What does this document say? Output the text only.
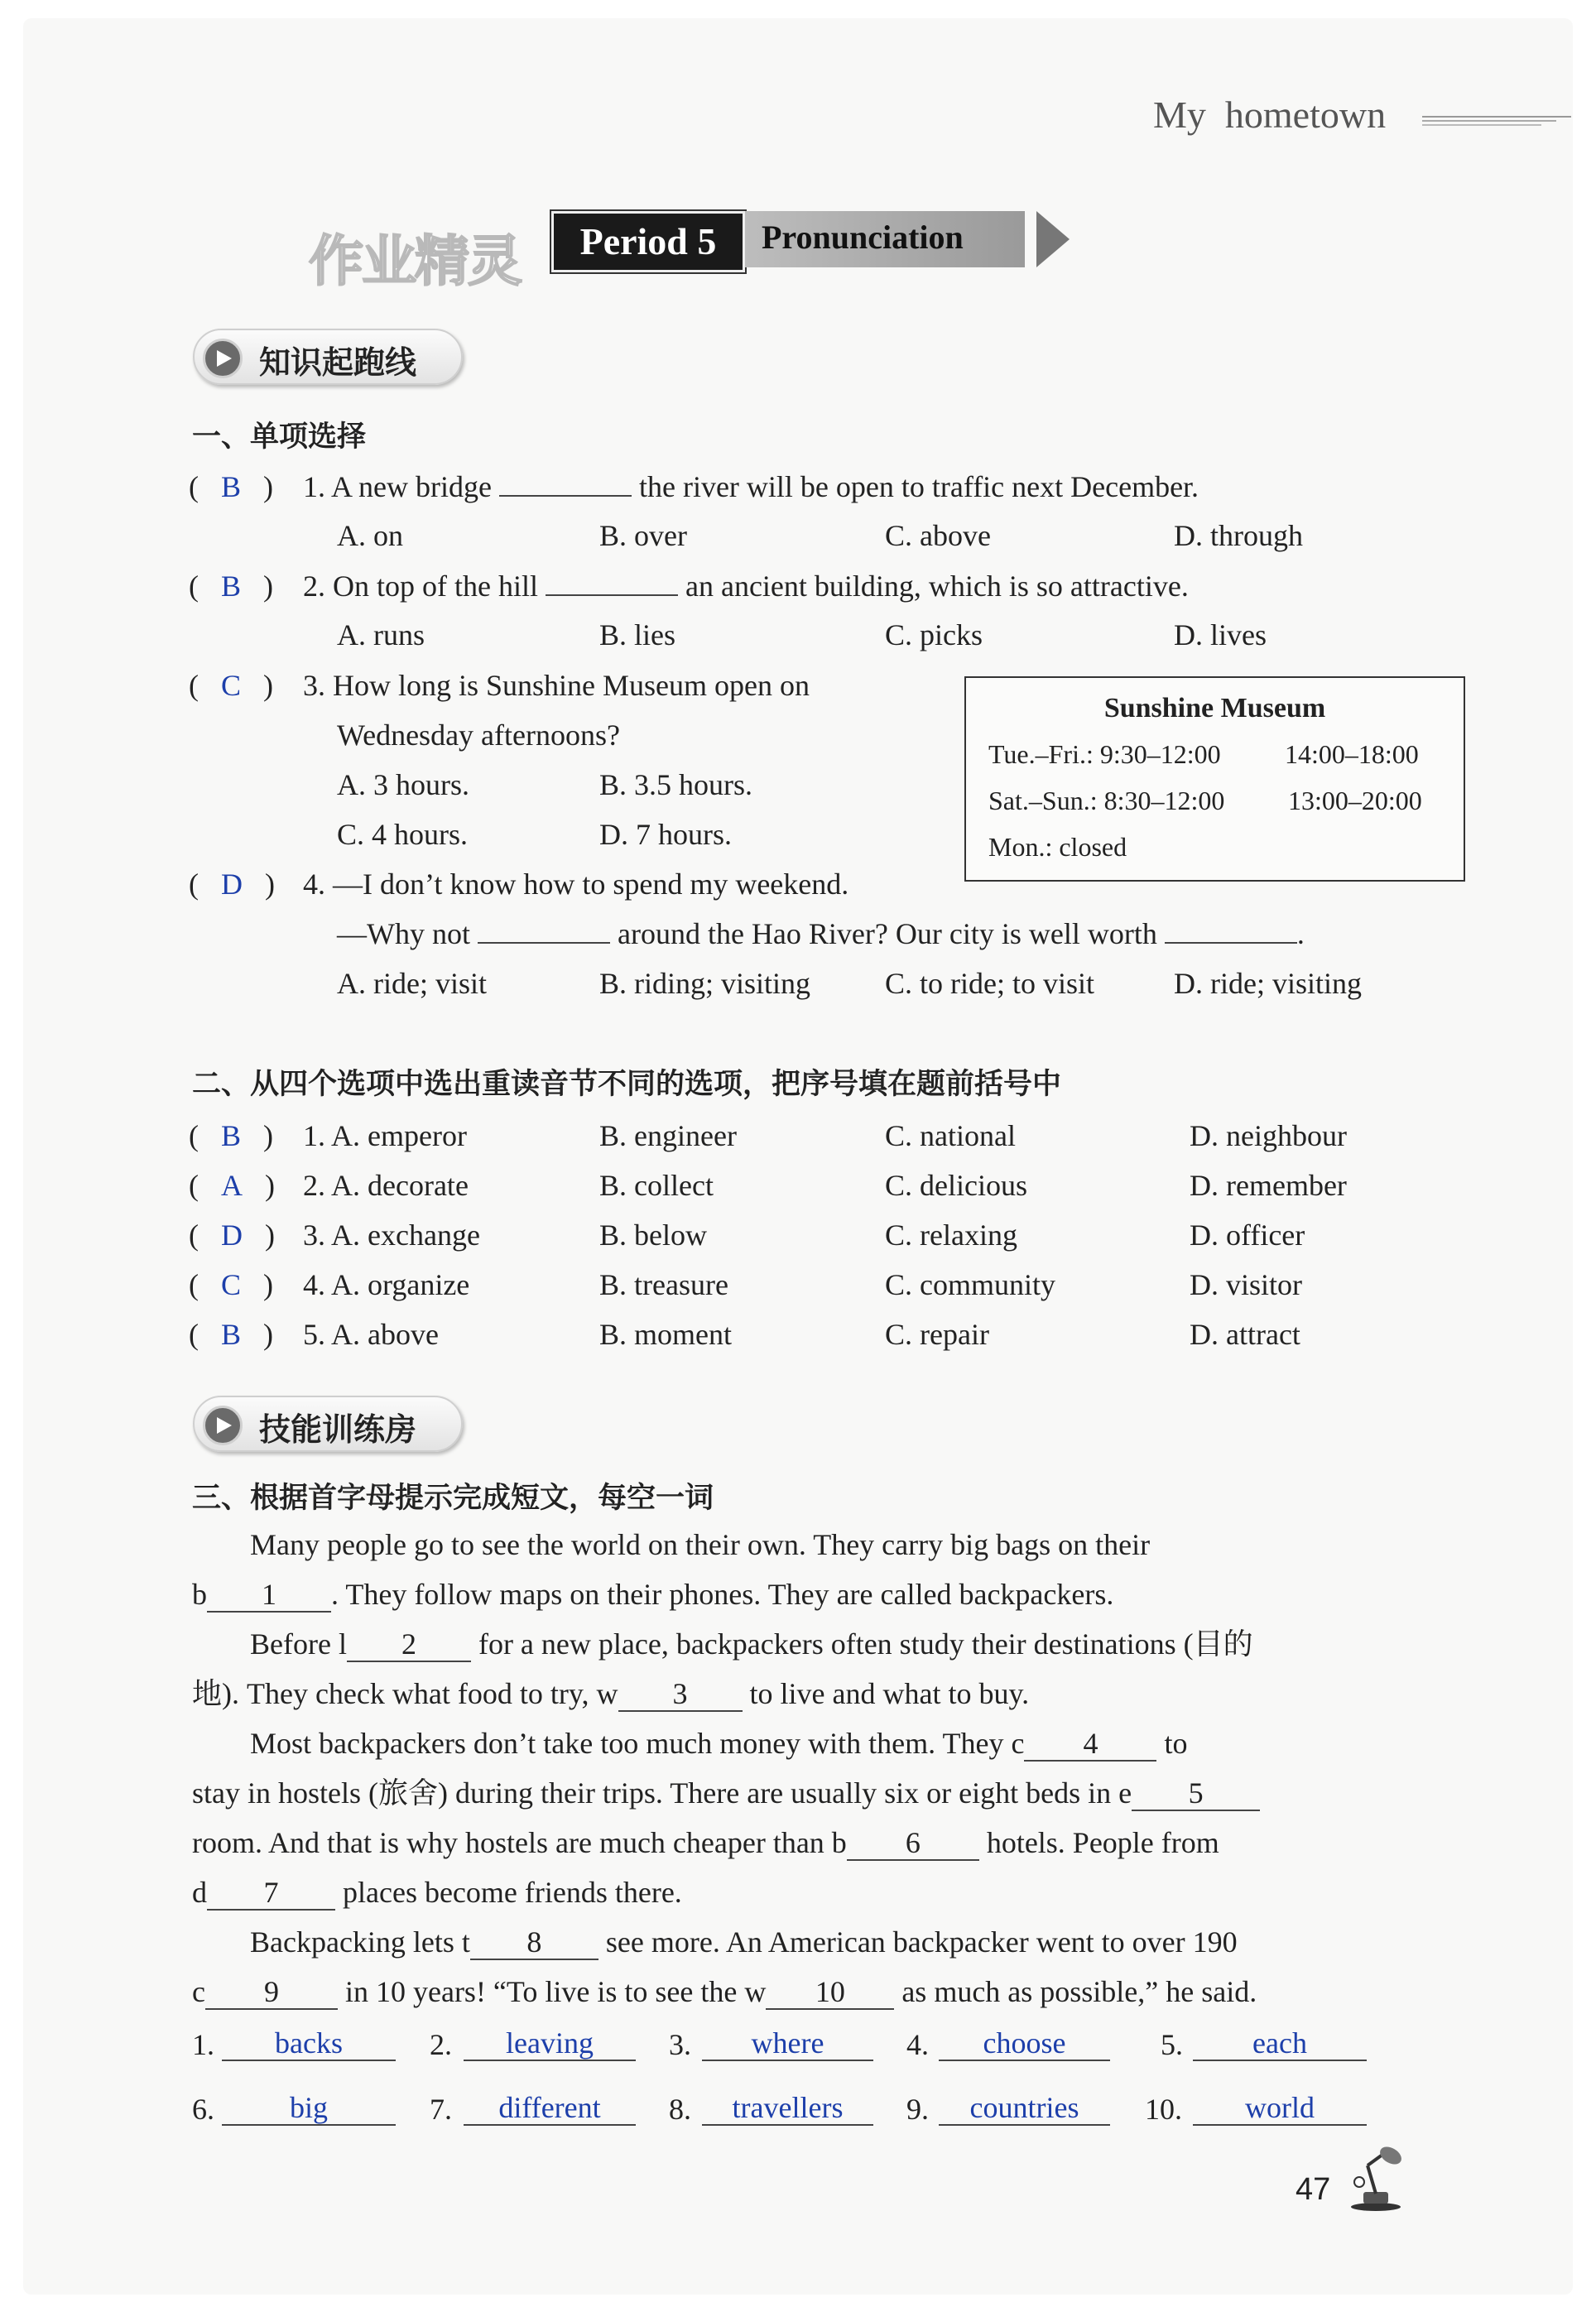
My  hometown
作业精灵	Period 5	Pronunciation
知识起跑线
一、单项选择
( B ) 1. A new bridge	the river will be open to traffic next December.
A. on	B. over	C. above	D. through
( B ) 2. On top of the hill	an ancient building, which is so attractive.
A. runs	B. lies	C. picks	D. lives
( C ) 3. How long is Sunshine Museum open on
Wednesday afternoons?
A. 3 hours.	B. 3.5 hours.
C. 4 hours.	D. 7 hours.
Sunshine Museum
Tue.–Fri.: 9:30–12:00 14:00–18:00
Sat.–Sun.: 8:30–12:00 13:00–20:00
Mon.: closed
( D ) 4. —I don’t know how to spend my weekend.
—Why not	around the Hao River? Our city is well worth	.
A. ride; visit	B. riding; visiting C. to ride; to visit	D. ride; visiting
二、从四个选项中选出重读音节不同的选项，把序号填在题前括号中
( B ) 1. A. emperor	B. engineer	C. national	D. neighbour
( A ) 2. A. decorate	B. collect	C. delicious	D. remember
( D ) 3. A. exchange	B. below	C. relaxing	D. officer
( C ) 4. A. organize	B. treasure	C. community	D. visitor
( B ) 5. A. above	B. moment	C. repair	D. attract
技能训练房
三、根据首字母提示完成短文，每空一词
Many people go to see the world on their own. They carry big bags on their
b 1 . They follow maps on their phones. They are called backpackers.
Before l 2 for a new place, backpackers often study their destinations (目的
地). They check what food to try, w 3 to live and what to buy.
Most backpackers don’t take too much money with them. They c 4 to
stay in hostels (旅舍) during their trips. There are usually six or eight beds in e 5
room. And that is why hostels are much cheaper than b 6 hotels. People from
d 7 places become friends there.
Backpacking lets t 8 see more. An American backpacker went to over 190
c 9 in 10 years! “To live is to see the w 10 as much as possible,” he said.
1.	backs	2.	leaving	3.	where	4.	choose	5.	each
6.	big	7.	different	8.	travellers	9.	countries	10.	world
47
